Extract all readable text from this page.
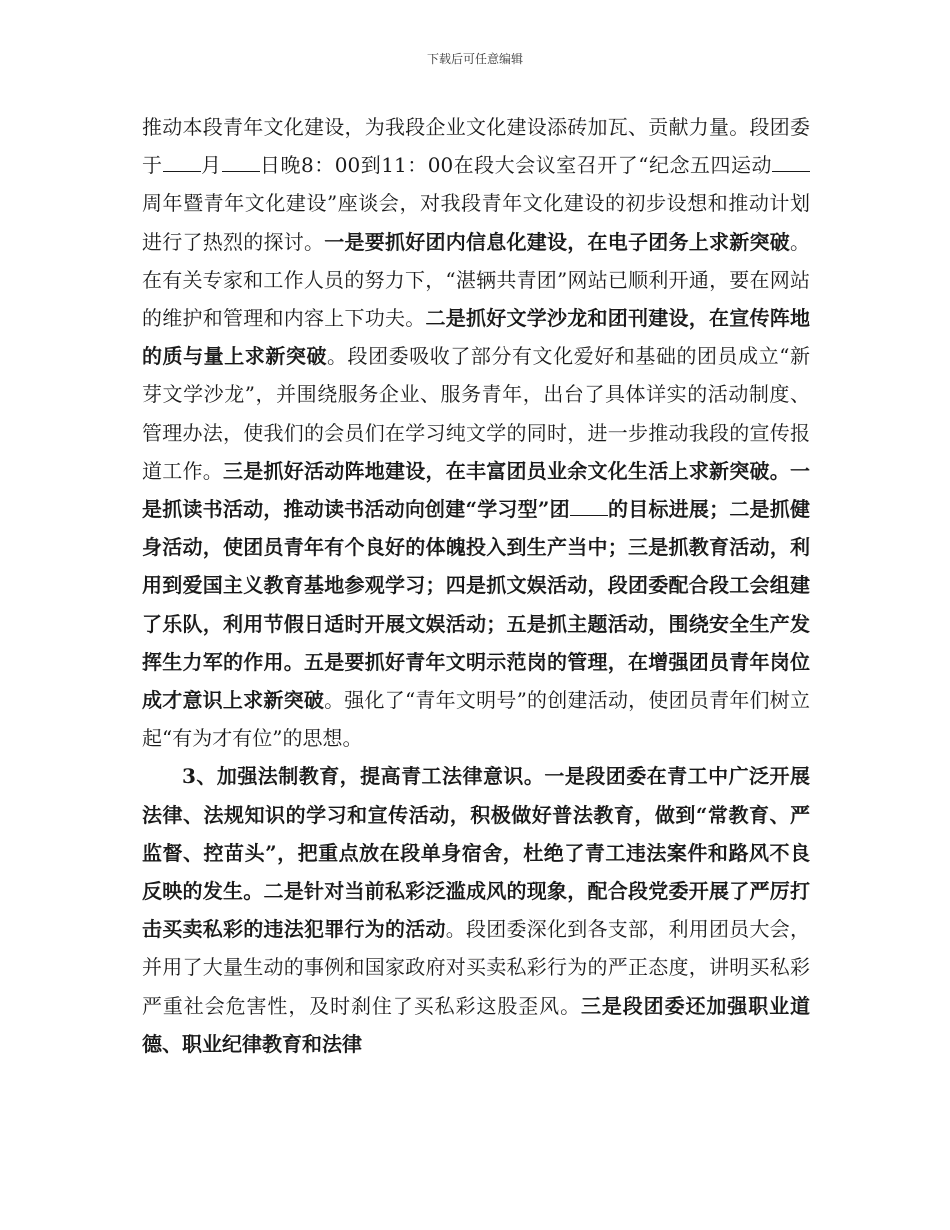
下载后可任意编辑

推动本段青年文化建设，为我段企业文化建设添砖加瓦、贡献力量。段团委于 月 日晚8：00到11：00在段大会议室召开了“纪念五四运动周年暨青年文化建设”座谈会，对我段青年文化建设的初步设想和推动计划进行了热烈的探讨。一是要抓好团内信息化建设，在电子团务上求新突破。在有关专家和工作人员的努力下，“湛辆共青团”网站已顺利开通，要在网站的维护和管理和内容上下功夫。二是抓好文学沙龙和团刊建设，在宣传阵地的质与量上求新突破。段团委吸收了部分有文化爱好和基础的团员成立“新芽文学沙龙”，并围绕服务企业、服务青年，出台了具体详实的活动制度、管理办法，使我们的会员们在学习纯文学的同时，进一步推动我段的宣传报道工作。三是抓好活动阵地建设，在丰富团员业余文化生活上求新突破。一是抓读书活动，推动读书活动向创建“学习型”团 的目标进展；二是抓健身活动，使团员青年有个良好的体魄投入到生产当中；三是抓教育活动，利用到爱国主义教育基地参观学习；四是抓文娱活动，段团委配合段工会组建了乐队，利用节假日适时开展文娱活动；五是抓主题活动，围绕安全生产发挥生力军的作用。五是要抓好青年文明示范岗的管理，在增强团员青年岗位成才意识上求新突破。强化了“青年文明号”的创建活动，使团员青年们树立起“有为才有位”的思想。

3、加强法制教育，提高青工法律意识。一是段团委在青工中广泛开展法律、法规知识的学习和宣传活动，积极做好普法教育，做到“常教育、严监督、控苗头”，把重点放在段单身宿舍，杜绝了青工违法案件和路风不良反映的发生。二是针对当前私彩泛滥成风的现象，配合段党委开展了严厉打击买卖私彩的违法犯罪行为的活动。段团委深化到各支部，利用团员大会，并用了大量生动的事例和国家政府对买卖私彩行为的严正态度，讲明买私彩严重社会危害性，及时刹住了买私彩这股歪风。三是段团委还加强职业道德、职业纪律教育和法律
